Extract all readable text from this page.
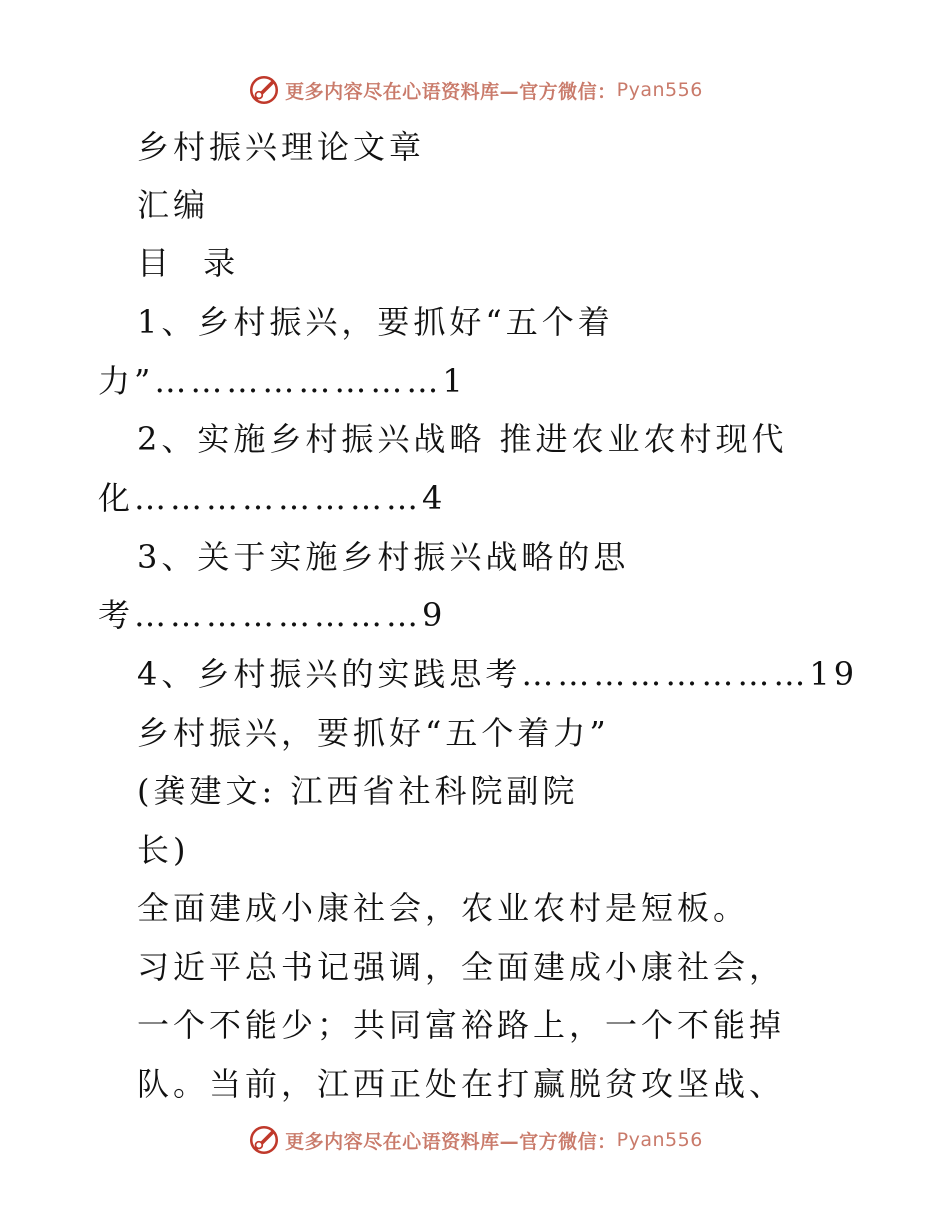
更多内容尽在心语资料库—官方微信： Pyan556
乡村振兴理论文章
汇编
目 录
1、乡村振兴，要抓好“五个着
力”……………………1
2、实施乡村振兴战略 推进农业农村现代
化……………………4
3、关于实施乡村振兴战略的思
考……………………9
4、乡村振兴的实践思考……………………19
乡村振兴，要抓好“五个着力”
(龚建文: 江西省社科院副院
长)
全面建成小康社会，农业农村是短板。
习近平总书记强调，全面建成小康社会，
一个不能少；共同富裕路上，一个不能掉
队。当前，江西正处在打赢脱贫攻坚战、
更多内容尽在心语资料库—官方微信： Pyan556
